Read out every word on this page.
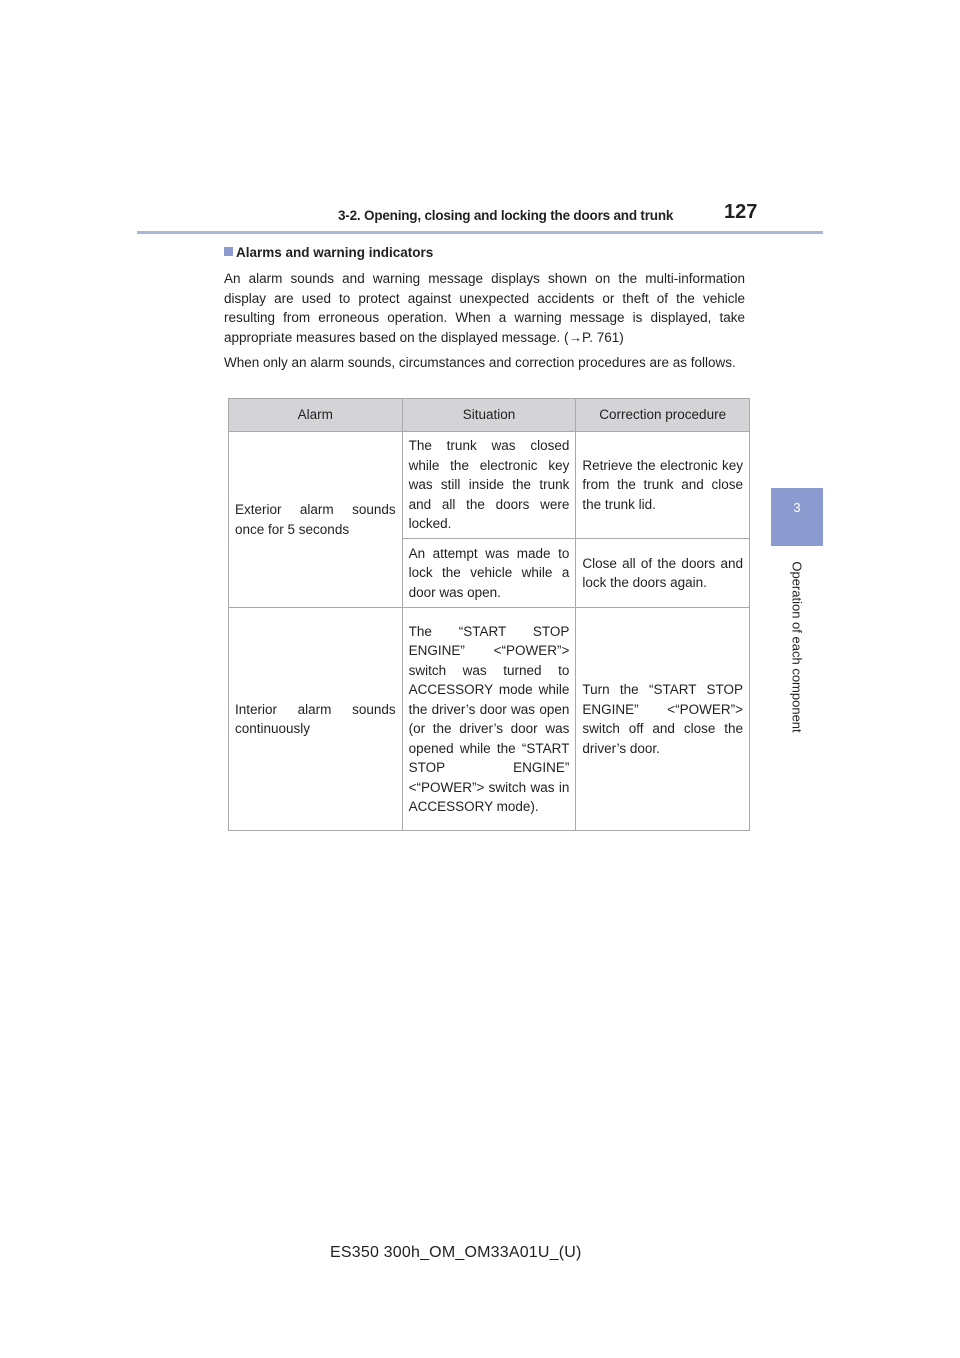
3-2. Opening, closing and locking the doors and trunk	127
3
Operation of each component
Alarms and warning indicators
An alarm sounds and warning message displays shown on the multi-information display are used to protect against unexpected accidents or theft of the vehicle resulting from erroneous operation. When a warning message is displayed, take appropriate measures based on the displayed message. (→P. 761)
When only an alarm sounds, circumstances and correction procedures are as follows.
Alarm	Situation	Correction procedure
Exterior alarm sounds once for 5 seconds	The trunk was closed while the electronic key was still inside the trunk and all the doors were locked.	Retrieve the electronic key from the trunk and close the trunk lid.
	An attempt was made to lock the vehicle while a door was open.	Close all of the doors and lock the doors again.
Interior alarm sounds continuously	The “START STOP ENGINE” <“POWER”> switch was turned to ACCESSORY mode while the driver’s door was open (or the driver’s door was opened while the “START STOP ENGINE” <“POWER”> switch was in ACCESSORY mode).	Turn the “START STOP ENGINE” <“POWER”> switch off and close the driver’s door.
ES350 300h_OM_OM33A01U_(U)
